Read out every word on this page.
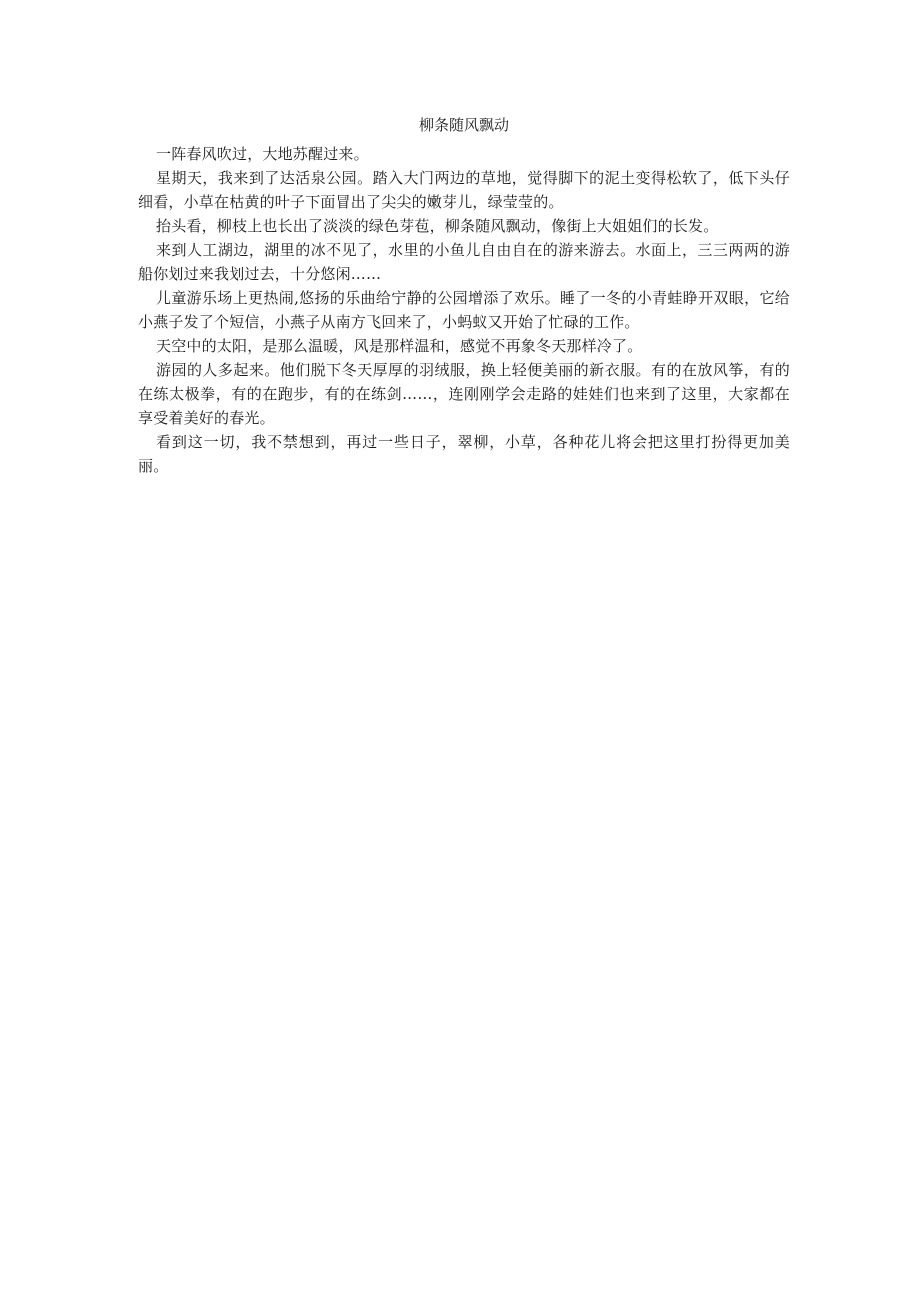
柳条随风飘动

一阵春风吹过，大地苏醒过来。

星期天，我来到了达活泉公园。踏入大门两边的草地，觉得脚下的泥土变得松软了，低下头仔细看，小草在枯黄的叶子下面冒出了尖尖的嫩芽儿，绿莹莹的。

抬头看，柳枝上也长出了淡淡的绿色芽苞，柳条随风飘动，像街上大姐姐们的长发。

来到人工湖边，湖里的冰不见了，水里的小鱼儿自由自在的游来游去。水面上，三三两两的游船你划过来我划过去，十分悠闲……

儿童游乐场上更热闹,悠扬的乐曲给宁静的公园增添了欢乐。睡了一冬的小青蛙睁开双眼，它给小燕子发了个短信，小燕子从南方飞回来了，小蚂蚁又开始了忙碌的工作。

天空中的太阳，是那么温暖，风是那样温和，感觉不再象冬天那样冷了。

游园的人多起来。他们脱下冬天厚厚的羽绒服，换上轻便美丽的新衣服。有的在放风筝，有的在练太极拳，有的在跑步，有的在练剑……，连刚刚学会走路的娃娃们也来到了这里，大家都在享受着美好的春光。

看到这一切，我不禁想到，再过一些日子，翠柳，小草，各种花儿将会把这里打扮得更加美丽。
